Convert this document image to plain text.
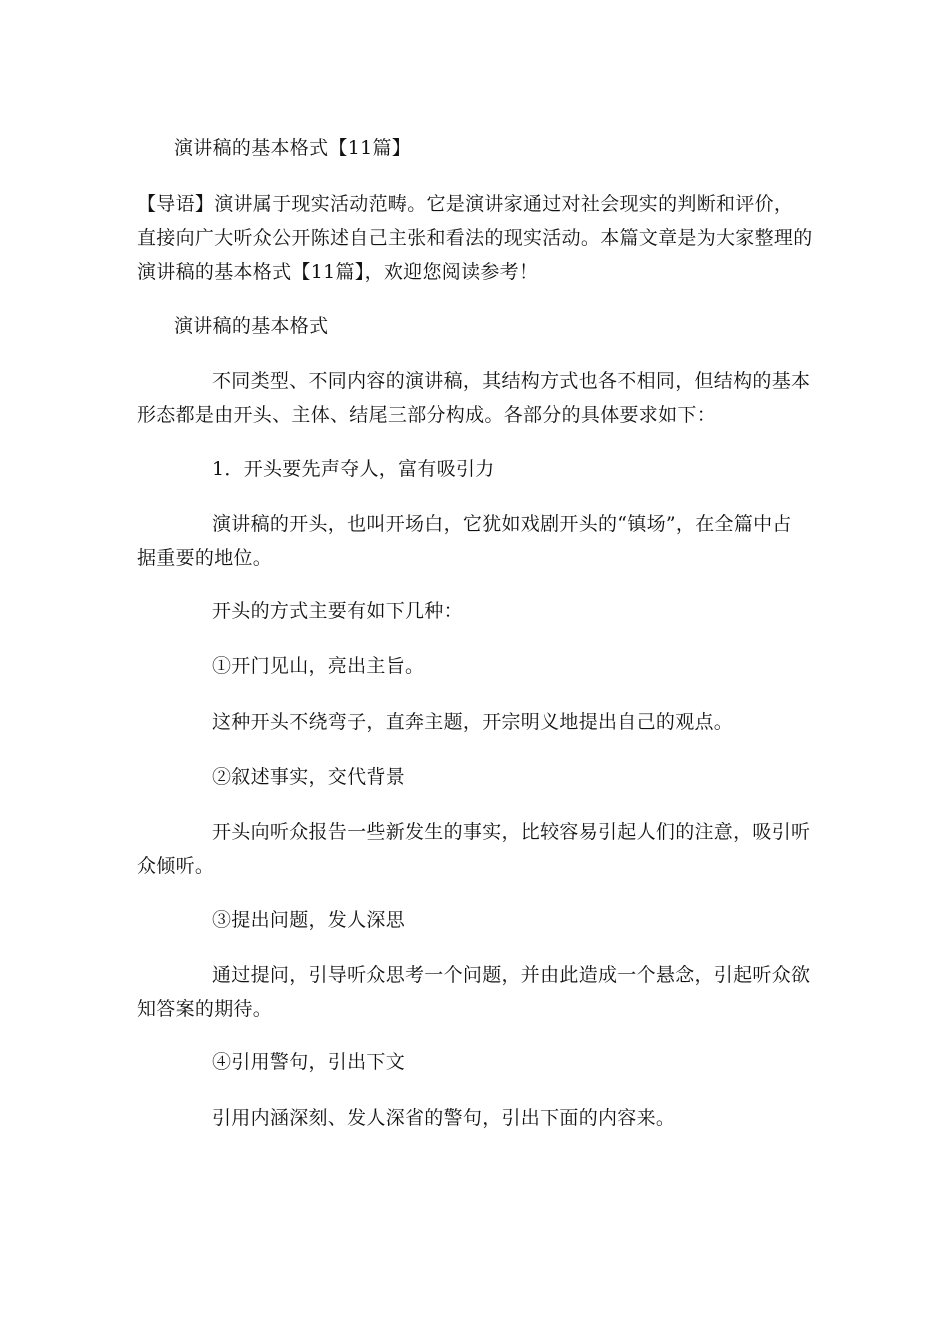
演讲稿的基本格式【11篇】
【导语】演讲属于现实活动范畴。它是演讲家通过对社会现实的判断和评价，
直接向广大听众公开陈述自己主张和看法的现实活动。本篇文章是为大家整理的
演讲稿的基本格式【11篇】，欢迎您阅读参考！
演讲稿的基本格式
不同类型、不同内容的演讲稿，其结构方式也各不相同，但结构的基本
形态都是由开头、主体、结尾三部分构成。各部分的具体要求如下：
1．开头要先声夺人，富有吸引力
演讲稿的开头，也叫开场白，它犹如戏剧开头的“镇场”，在全篇中占
据重要的地位。
开头的方式主要有如下几种：
①开门见山，亮出主旨。
这种开头不绕弯子，直奔主题，开宗明义地提出自己的观点。
②叙述事实，交代背景
开头向听众报告一些新发生的事实，比较容易引起人们的注意，吸引听
众倾听。
③提出问题，发人深思
通过提问，引导听众思考一个问题，并由此造成一个悬念，引起听众欲
知答案的期待。
④引用警句，引出下文
引用内涵深刻、发人深省的警句，引出下面的内容来。
